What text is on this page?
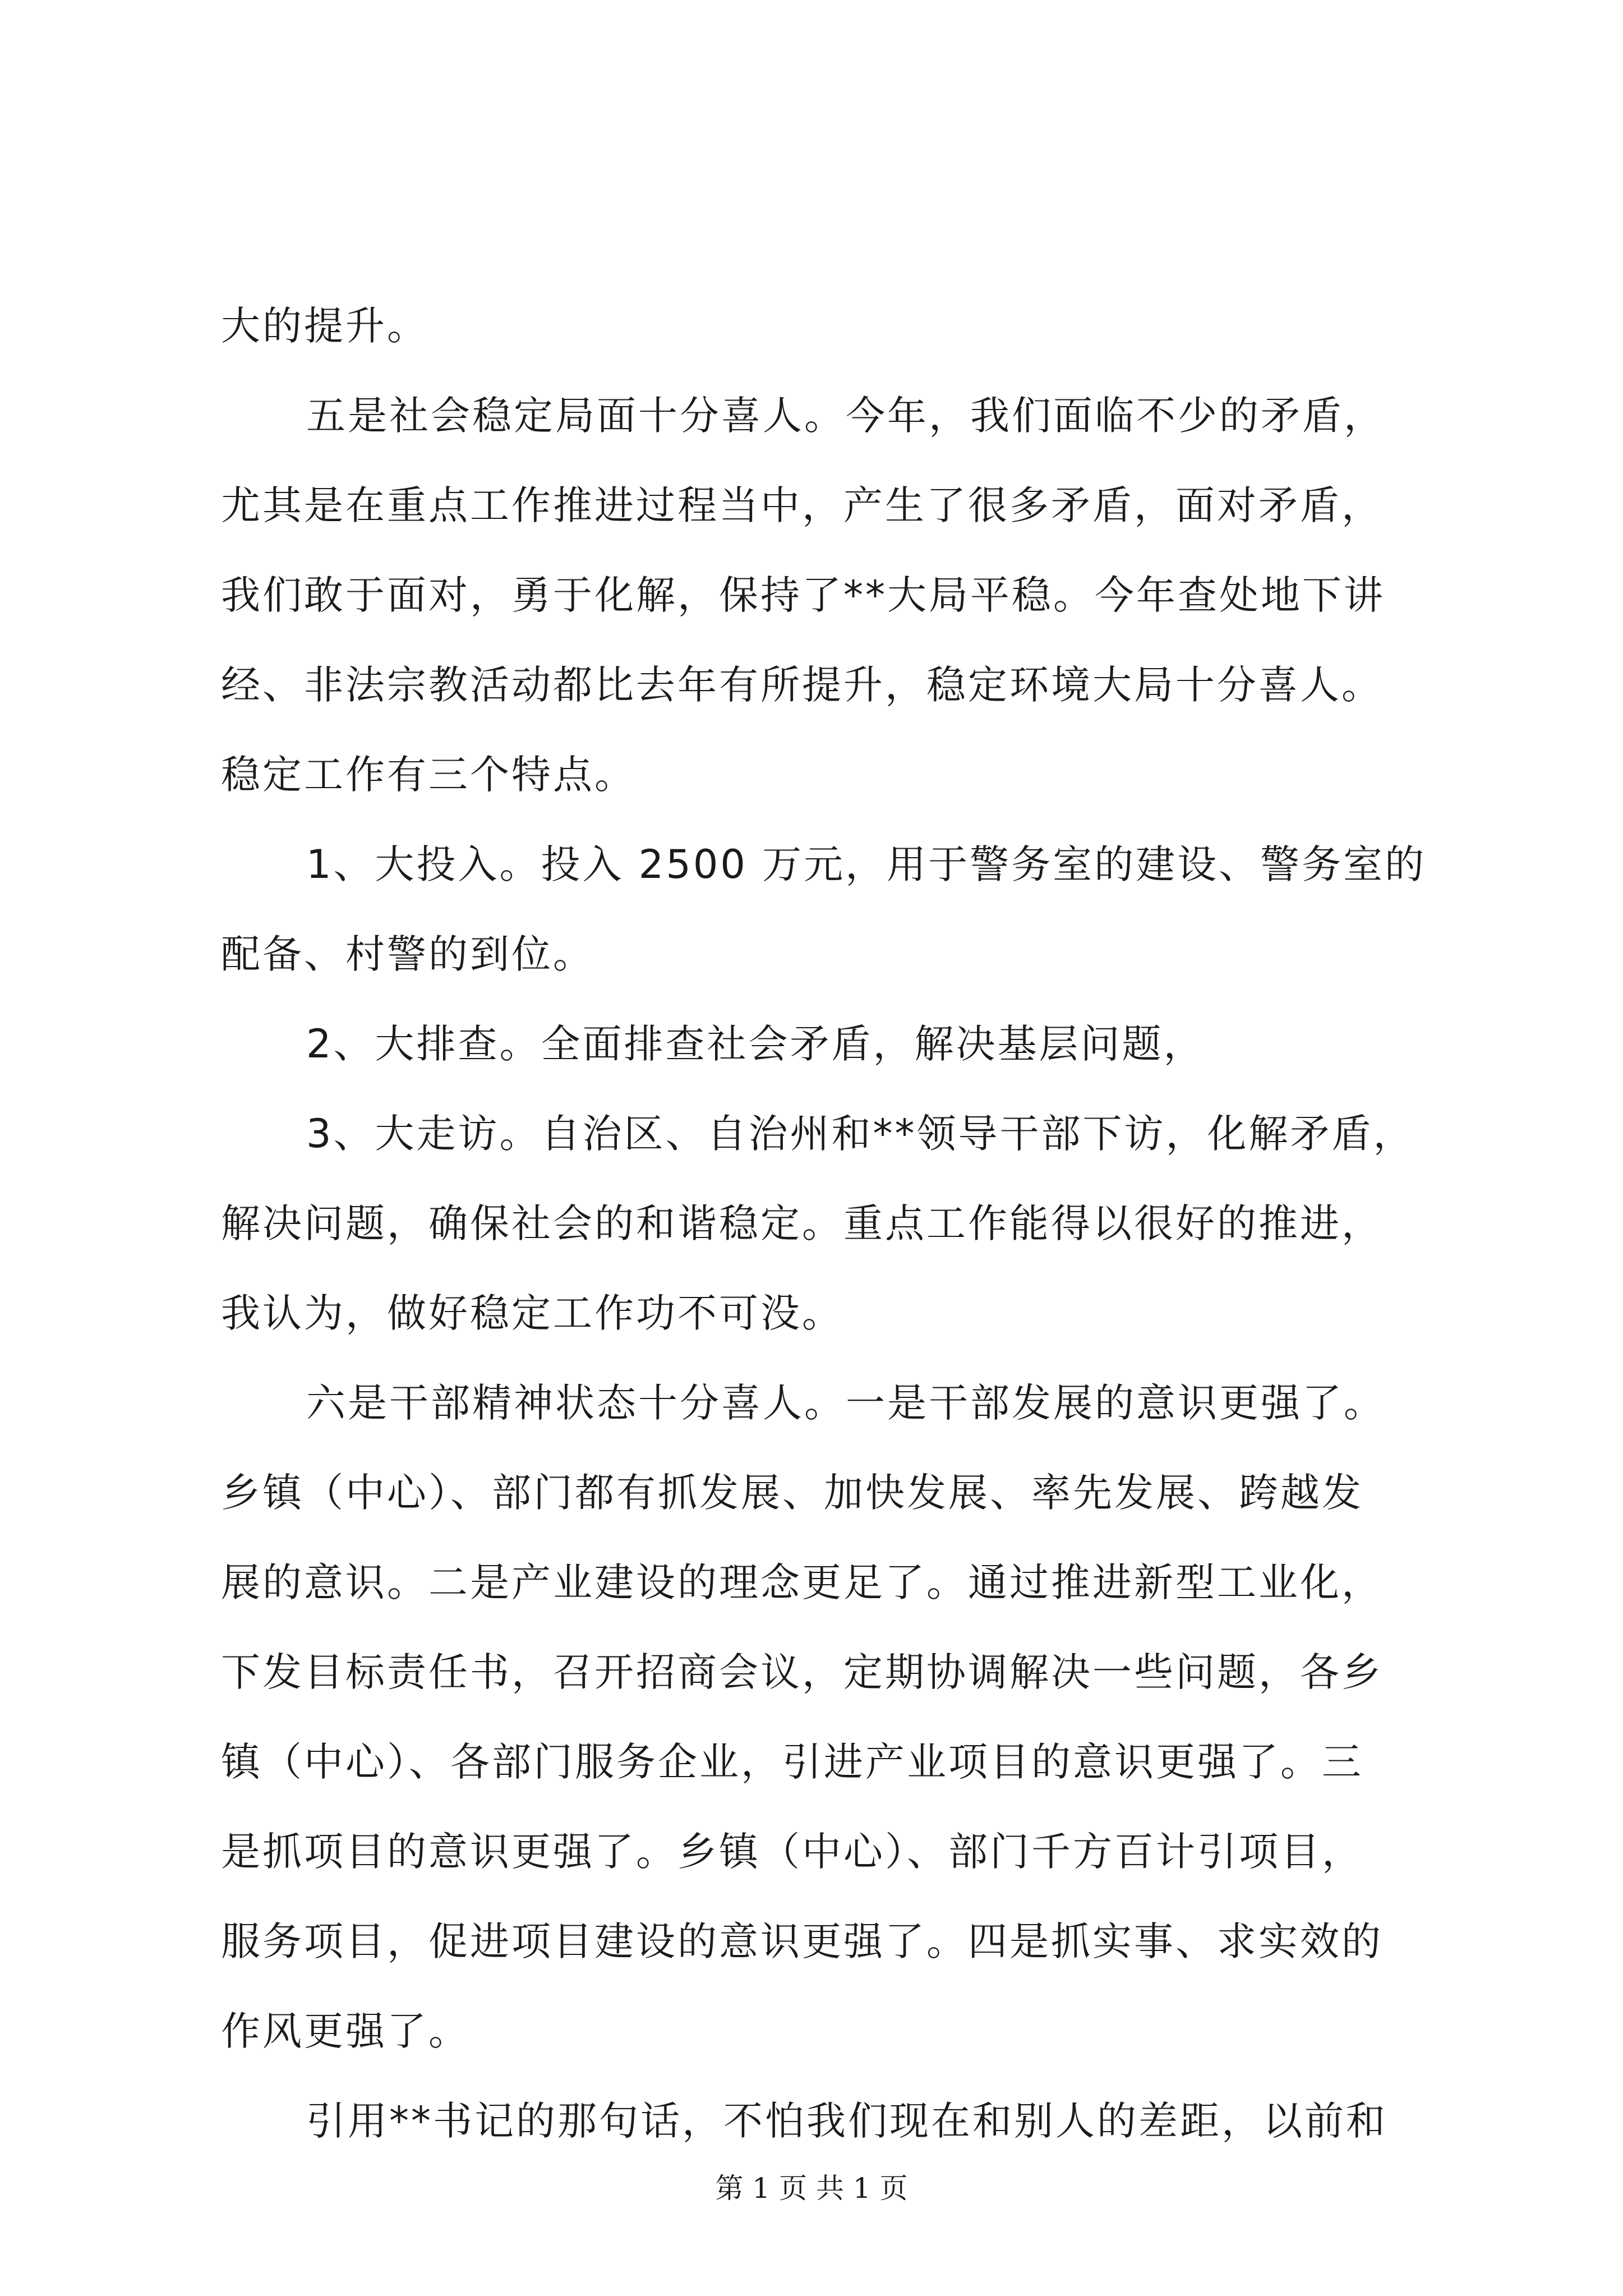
大的提升。
五是社会稳定局面十分喜人。今年，我们面临不少的矛盾，
尤其是在重点工作推进过程当中，产生了很多矛盾，面对矛盾，
我们敢于面对，勇于化解，保持了**大局平稳。今年查处地下讲
经、非法宗教活动都比去年有所提升，稳定环境大局十分喜人。
稳定工作有三个特点。
1、大投入。投入 2500 万元，用于警务室的建设、警务室的
配备、村警的到位。
2、大排查。全面排查社会矛盾，解决基层问题，
3、大走访。自治区、自治州和**领导干部下访，化解矛盾，
解决问题，确保社会的和谐稳定。重点工作能得以很好的推进，
我认为，做好稳定工作功不可没。
六是干部精神状态十分喜人。一是干部发展的意识更强了。
乡镇（中心）、部门都有抓发展、加快发展、率先发展、跨越发
展的意识。二是产业建设的理念更足了。通过推进新型工业化，
下发目标责任书，召开招商会议，定期协调解决一些问题，各乡
镇（中心）、各部门服务企业，引进产业项目的意识更强了。三
是抓项目的意识更强了。乡镇（中心）、部门千方百计引项目，
服务项目，促进项目建设的意识更强了。四是抓实事、求实效的
作风更强了。
引用**书记的那句话，不怕我们现在和别人的差距，以前和
第 1 页 共 1 页
